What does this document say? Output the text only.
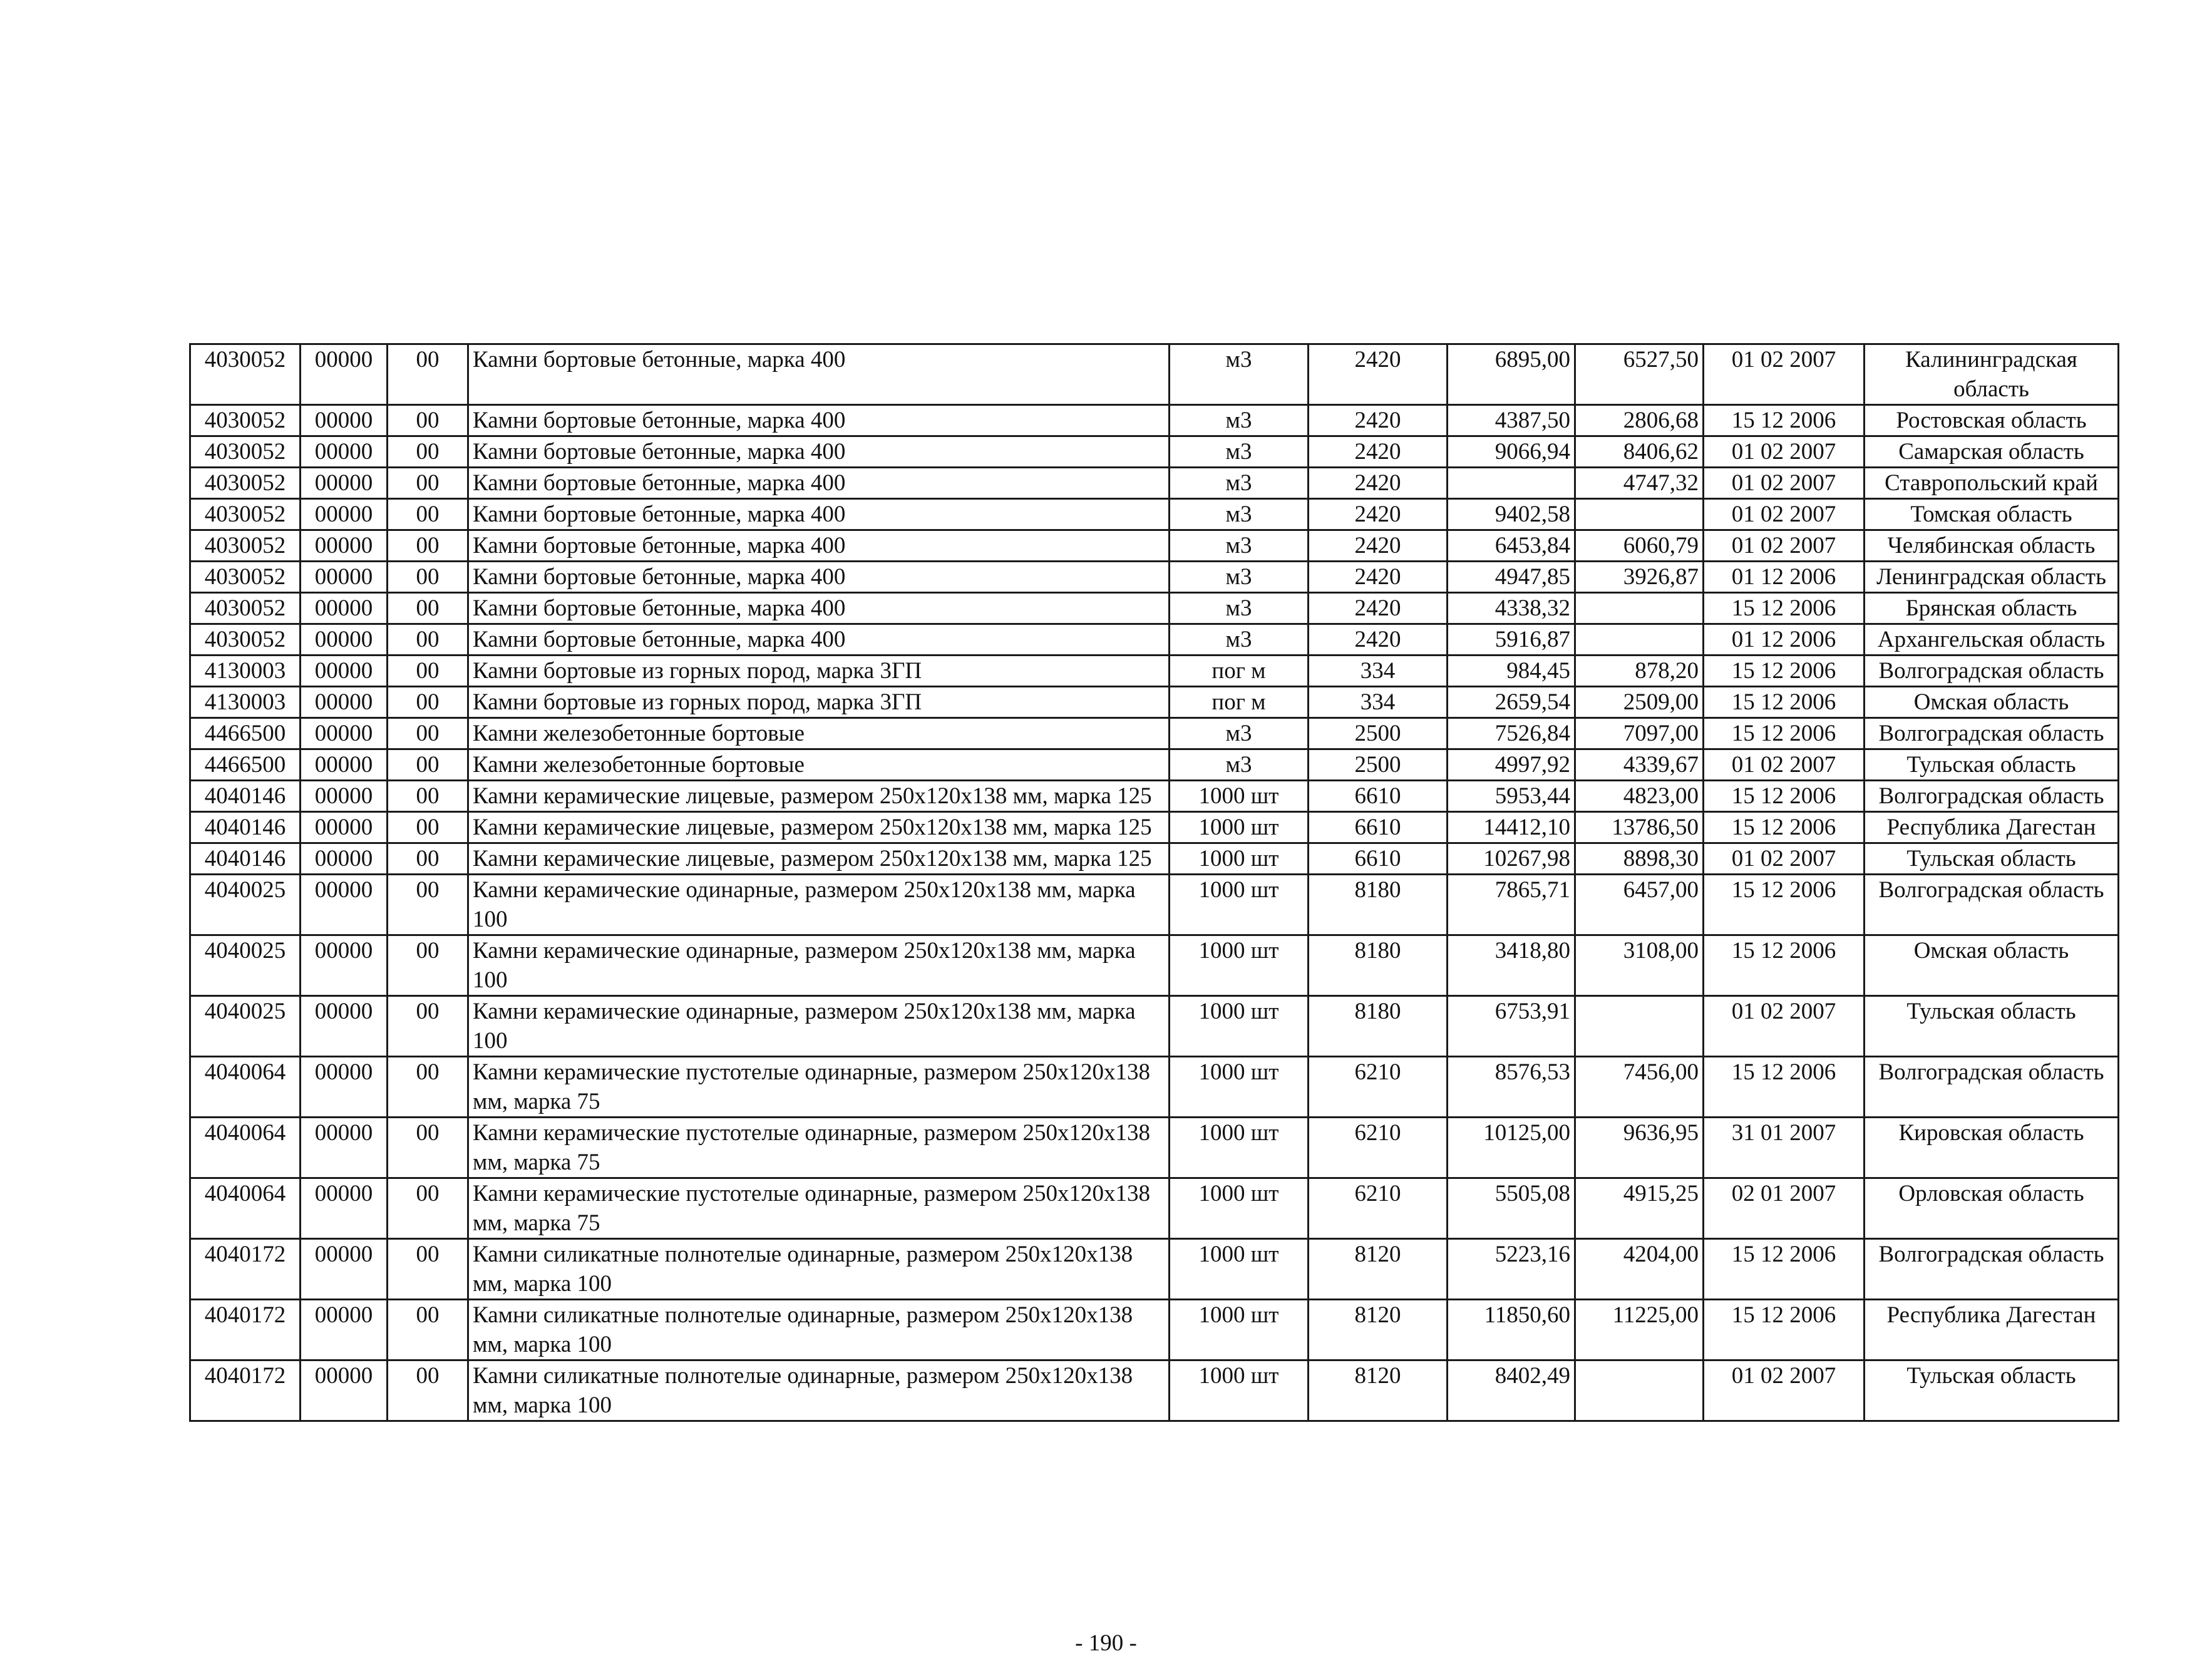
4030052	00000	00	Камни бортовые бетонные, марка 400	м3	2420	6895,00	6527,50	01 02 2007	Калининградская область
4030052	00000	00	Камни бортовые бетонные, марка 400	м3	2420	4387,50	2806,68	15 12 2006	Ростовская область
4030052	00000	00	Камни бортовые бетонные, марка 400	м3	2420	9066,94	8406,62	01 02 2007	Самарская область
4030052	00000	00	Камни бортовые бетонные, марка 400	м3	2420		4747,32	01 02 2007	Ставропольский край
4030052	00000	00	Камни бортовые бетонные, марка 400	м3	2420	9402,58		01 02 2007	Томская область
4030052	00000	00	Камни бортовые бетонные, марка 400	м3	2420	6453,84	6060,79	01 02 2007	Челябинская область
4030052	00000	00	Камни бортовые бетонные, марка 400	м3	2420	4947,85	3926,87	01 12 2006	Ленинградская область
4030052	00000	00	Камни бортовые бетонные, марка 400	м3	2420	4338,32		15 12 2006	Брянская область
4030052	00000	00	Камни бортовые бетонные, марка 400	м3	2420	5916,87		01 12 2006	Архангельская область
4130003	00000	00	Камни бортовые из горных пород, марка 3ГП	пог м	334	984,45	878,20	15 12 2006	Волгоградская область
4130003	00000	00	Камни бортовые из горных пород, марка 3ГП	пог м	334	2659,54	2509,00	15 12 2006	Омская область
4466500	00000	00	Камни железобетонные бортовые	м3	2500	7526,84	7097,00	15 12 2006	Волгоградская область
4466500	00000	00	Камни железобетонные бортовые	м3	2500	4997,92	4339,67	01 02 2007	Тульская область
4040146	00000	00	Камни керамические лицевые, размером 250x120x138 мм, марка 125	1000 шт	6610	5953,44	4823,00	15 12 2006	Волгоградская область
4040146	00000	00	Камни керамические лицевые, размером 250x120x138 мм, марка 125	1000 шт	6610	14412,10	13786,50	15 12 2006	Республика Дагестан
4040146	00000	00	Камни керамические лицевые, размером 250x120x138 мм, марка 125	1000 шт	6610	10267,98	8898,30	01 02 2007	Тульская область
4040025	00000	00	Камни керамические одинарные, размером 250x120x138 мм, марка 100	1000 шт	8180	7865,71	6457,00	15 12 2006	Волгоградская область
4040025	00000	00	Камни керамические одинарные, размером 250x120x138 мм, марка 100	1000 шт	8180	3418,80	3108,00	15 12 2006	Омская область
4040025	00000	00	Камни керамические одинарные, размером 250x120x138 мм, марка 100	1000 шт	8180	6753,91		01 02 2007	Тульская область
4040064	00000	00	Камни керамические пустотелые одинарные, размером 250x120x138 мм, марка 75	1000 шт	6210	8576,53	7456,00	15 12 2006	Волгоградская область
4040064	00000	00	Камни керамические пустотелые одинарные, размером 250x120x138 мм, марка 75	1000 шт	6210	10125,00	9636,95	31 01 2007	Кировская область
4040064	00000	00	Камни керамические пустотелые одинарные, размером 250x120x138 мм, марка 75	1000 шт	6210	5505,08	4915,25	02 01 2007	Орловская область
4040172	00000	00	Камни силикатные полнотелые одинарные, размером 250x120x138 мм, марка 100	1000 шт	8120	5223,16	4204,00	15 12 2006	Волгоградская область
4040172	00000	00	Камни силикатные полнотелые одинарные, размером 250x120x138 мм, марка 100	1000 шт	8120	11850,60	11225,00	15 12 2006	Республика Дагестан
4040172	00000	00	Камни силикатные полнотелые одинарные, размером 250x120x138 мм, марка 100	1000 шт	8120	8402,49		01 02 2007	Тульская область
- 190 -
